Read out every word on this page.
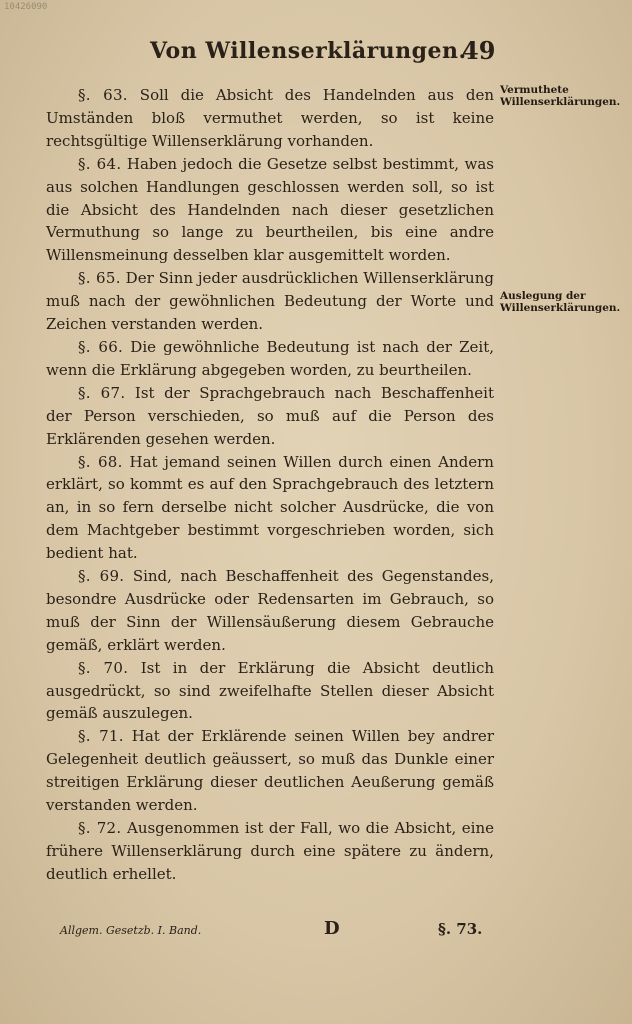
10426090
Von Willenserklärungen.
49

§. 63. Soll die Absicht des Handelnden aus den Umständen bloß vermuthet werden, so ist keine rechtsgültige Willenserklärung vorhanden.

§. 64. Haben jedoch die Gesetze selbst bestimmt, was aus solchen Handlungen geschlossen werden soll, so ist die Absicht des Handelnden nach dieser gesetzlichen Vermuthung so lange zu beurtheilen, bis eine andre Willensmeinung desselben klar ausgemittelt worden.

§. 65. Der Sinn jeder ausdrücklichen Willenserklärung muß nach der gewöhnlichen Bedeutung der Worte und Zeichen verstanden werden.

§. 66. Die gewöhnliche Bedeutung ist nach der Zeit, wenn die Erklärung abgegeben worden, zu beurtheilen.

§. 67. Ist der Sprachgebrauch nach Beschaffenheit der Person verschieden, so muß auf die Person des Erklärenden gesehen werden.

§. 68. Hat jemand seinen Willen durch einen Andern erklärt, so kommt es auf den Sprachgebrauch des letztern an, in so fern derselbe nicht solcher Ausdrücke, die von dem Machtgeber bestimmt vorgeschrieben worden, sich bedient hat.

§. 69. Sind, nach Beschaffenheit des Gegenstandes, besondre Ausdrücke oder Redensarten im Gebrauch, so muß der Sinn der Willensäußerung diesem Gebrauche gemäß, erklärt werden.

§. 70. Ist in der Erklärung die Absicht deutlich ausgedrückt, so sind zweifelhafte Stellen dieser Absicht gemäß auszulegen.

§. 71. Hat der Erklärende seinen Willen bey andrer Gelegenheit deutlich geäussert, so muß das Dunkle einer streitigen Erklärung dieser deutlichen Aeußerung gemäß verstanden werden.

§. 72. Ausgenommen ist der Fall, wo die Absicht, eine frühere Willenserklärung durch eine spätere zu ändern, deutlich erhellet.

Vermuthete Willenserklärungen.
Auslegung der Willenserklärungen.
Allgem. Gesetzb. I. Band.	D	§. 73.
